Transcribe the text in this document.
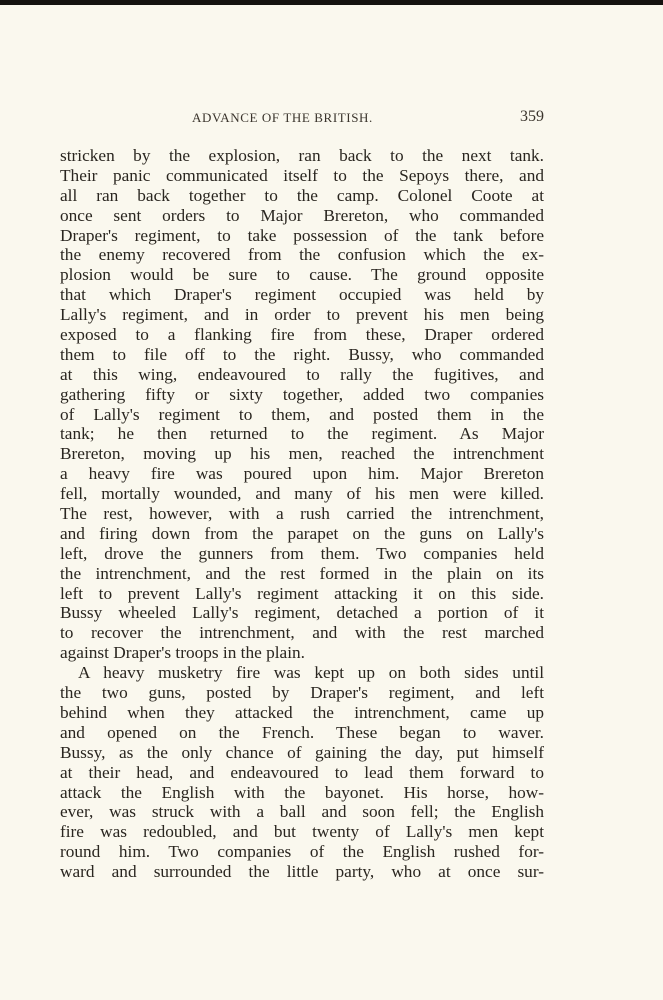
ADVANCE OF THE BRITISH.	359
stricken by the explosion, ran back to the next tank.
Their panic communicated itself to the Sepoys there, and
all ran back together to the camp. Colonel Coote at
once sent orders to Major Brereton, who commanded
Draper's regiment, to take possession of the tank before
the enemy recovered from the confusion which the ex-
plosion would be sure to cause. The ground opposite
that which Draper's regiment occupied was held by
Lally's regiment, and in order to prevent his men being
exposed to a flanking fire from these, Draper ordered
them to file off to the right. Bussy, who commanded
at this wing, endeavoured to rally the fugitives, and
gathering fifty or sixty together, added two companies
of Lally's regiment to them, and posted them in the
tank; he then returned to the regiment. As Major
Brereton, moving up his men, reached the intrenchment
a heavy fire was poured upon him. Major Brereton
fell, mortally wounded, and many of his men were killed.
The rest, however, with a rush carried the intrenchment,
and firing down from the parapet on the guns on Lally's
left, drove the gunners from them. Two companies held
the intrenchment, and the rest formed in the plain on its
left to prevent Lally's regiment attacking it on this side.
Bussy wheeled Lally's regiment, detached a portion of it
to recover the intrenchment, and with the rest marched
against Draper's troops in the plain.
A heavy musketry fire was kept up on both sides until
the two guns, posted by Draper's regiment, and left
behind when they attacked the intrenchment, came up
and opened on the French. These began to waver.
Bussy, as the only chance of gaining the day, put himself
at their head, and endeavoured to lead them forward to
attack the English with the bayonet. His horse, how-
ever, was struck with a ball and soon fell; the English
fire was redoubled, and but twenty of Lally's men kept
round him. Two companies of the English rushed for-
ward and surrounded the little party, who at once sur-
